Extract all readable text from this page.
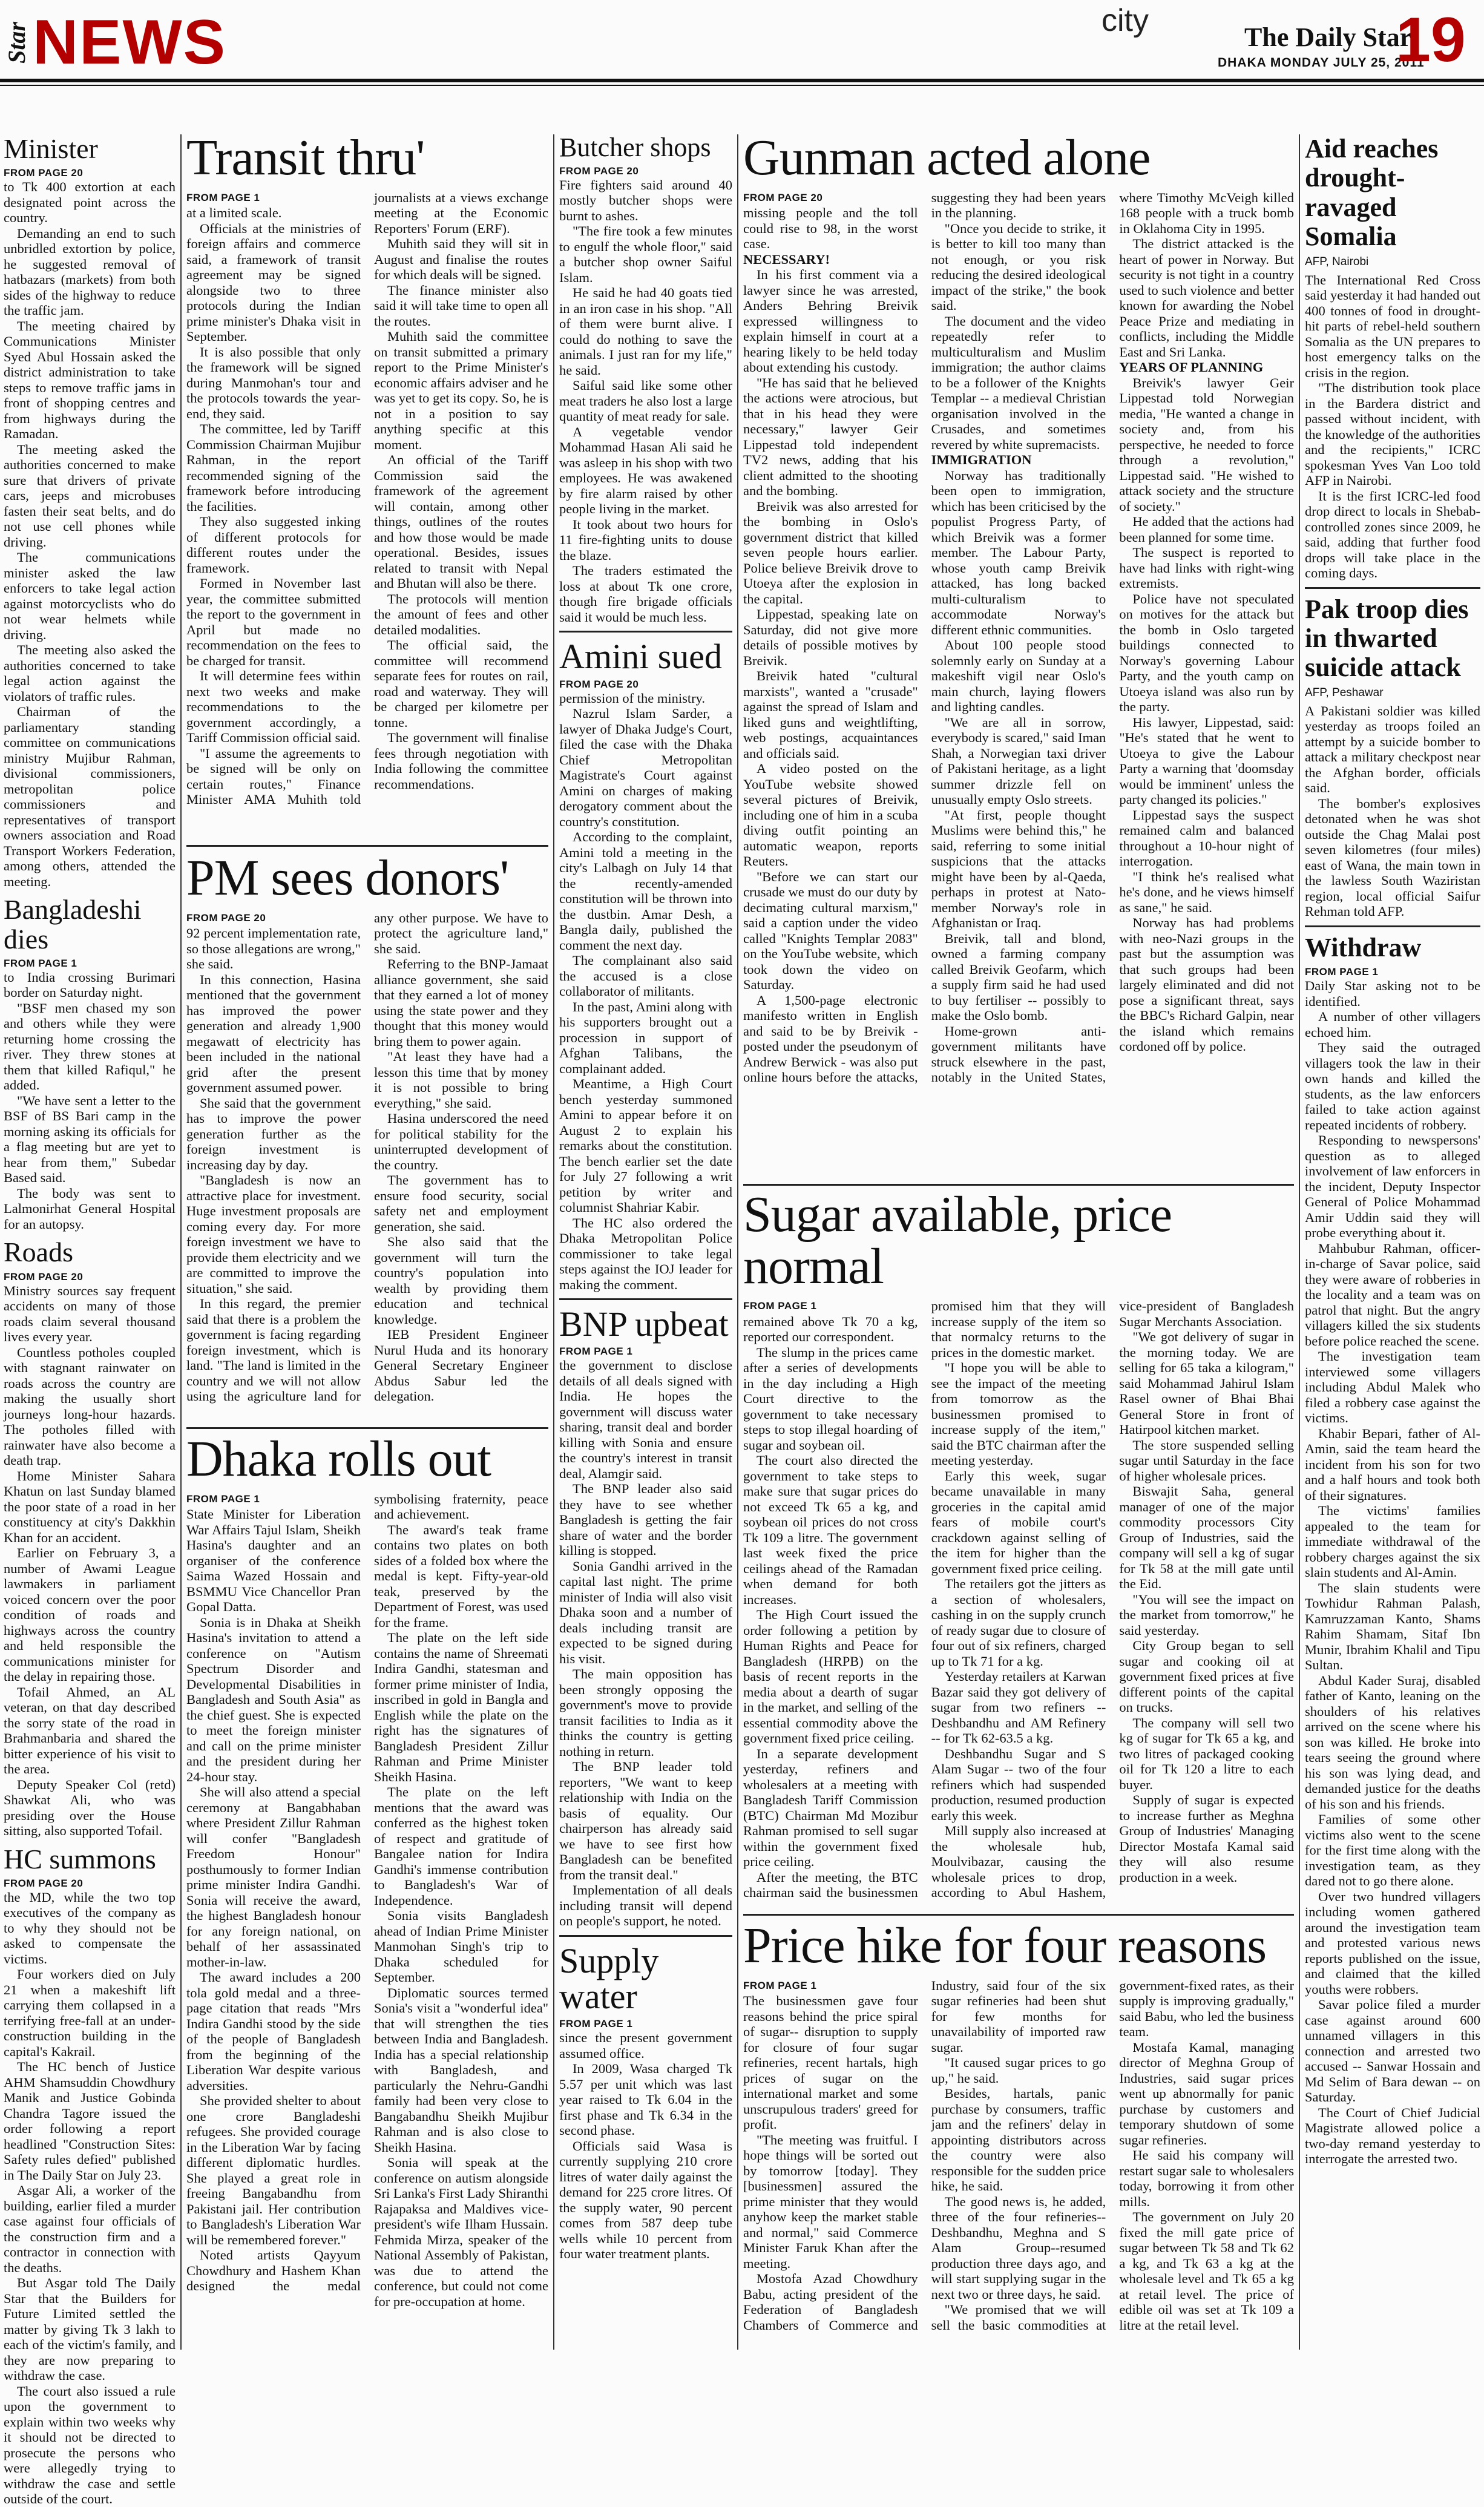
Star NEWS	city	The Daily Star
DHAKA MONDAY JULY 25, 2011
19
Minister
FROM PAGE 20

to Tk 400 extortion at each designated point across the country.

Demanding an end to such unbridled extortion by police, he suggested removal of hatbazars (markets) from both sides of the highway to reduce the traffic jam.

The meeting chaired by Communications Minister Syed Abul Hossain asked the district administration to take steps to remove traffic jams in front of shopping centres and from highways during the Ramadan.

The meeting asked the authorities concerned to make sure that drivers of private cars, jeeps and microbuses fasten their seat belts, and do not use cell phones while driving.

The communications minister asked the law enforcers to take legal action against motorcyclists who do not wear helmets while driving.

The meeting also asked the authorities concerned to take legal action against the violators of traffic rules.

Chairman of the parliamentary standing committee on communications ministry Mujibur Rahman, divisional commissioners, metropolitan police commissioners and representatives of transport owners association and Road Transport Workers Federation, among others, attended the meeting.

Bangladeshi dies
FROM PAGE 1

to India crossing Burimari border on Saturday night.

"BSF men chased my son and others while they were returning home crossing the river. They threw stones at them that killed Rafiqul," he added.

"We have sent a letter to the BSF of BS Bari camp in the morning asking its officials for a flag meeting but are yet to hear from them," Subedar Based said.

The body was sent to Lalmonirhat General Hospital for an autopsy.

Roads
FROM PAGE 20

Ministry sources say frequent accidents on many of those roads claim several thousand lives every year.

Countless potholes coupled with stagnant rainwater on roads across the country are making the usually short journeys long-hour hazards. The potholes filled with rainwater have also become a death trap.

Home Minister Sahara Khatun on last Sunday blamed the poor state of a road in her constituency at city's Dakkhin Khan for an accident.

Earlier on February 3, a number of Awami League lawmakers in parliament voiced concern over the poor condition of roads and highways across the country and held responsible the communications minister for the delay in repairing those.

Tofail Ahmed, an AL veteran, on that day described the sorry state of the road in Brahmanbaria and shared the bitter experience of his visit to the area.

Deputy Speaker Col (retd) Shawkat Ali, who was presiding over the House sitting, also supported Tofail.

HC summons
FROM PAGE 20

the MD, while the two top executives of the company as to why they should not be asked to compensate the victims.

Four workers died on July 21 when a makeshift lift carrying them collapsed in a terrifying free-fall at an under-construction building in the capital's Kakrail.

The HC bench of Justice AHM Shamsuddin Chowdhury Manik and Justice Gobinda Chandra Tagore issued the order following a report headlined "Construction Sites: Safety rules defied" published in The Daily Star on July 23.

Asgar Ali, a worker of the building, earlier filed a murder case against four officials of the construction firm and a contractor in connection with the deaths.

But Asgar told The Daily Star that the Builders for Future Limited settled the matter by giving Tk 3 lakh to each of the victim's family, and they are now preparing to withdraw the case.

The court also issued a rule upon the government to explain within two weeks why it should not be directed to prosecute the persons who were allegedly trying to withdraw the case and settle outside of the court.

Transit thru'
FROM PAGE 1

at a limited scale.

Officials at the ministries of foreign affairs and commerce said, a framework of transit agreement may be signed alongside two to three protocols during the Indian prime minister's Dhaka visit in September.

It is also possible that only the framework will be signed during Manmohan's tour and the protocols towards the year-end, they said.

The committee, led by Tariff Commission Chairman Mujibur Rahman, in the report recommended signing of the framework before introducing the facilities.

They also suggested inking of different protocols for different routes under the framework.

Formed in November last year, the committee submitted the report to the government in April but made no recommendation on the fees to be charged for transit.

It will determine fees within next two weeks and make recommendations to the government accordingly, a Tariff Commission official said.

"I assume the agreements to be signed will be only on certain routes," Finance Minister AMA Muhith told journalists at a views exchange meeting at the Economic Reporters' Forum (ERF).

Muhith said they will sit in August and finalise the routes for which deals will be signed.

The finance minister also said it will take time to open all the routes.

Muhith said the committee on transit submitted a primary report to the Prime Minister's economic affairs adviser and he was yet to get its copy. So, he is not in a position to say anything specific at this moment.

An official of the Tariff Commission said the framework of the agreement will contain, among other things, outlines of the routes and how those would be made operational. Besides, issues related to transit with Nepal and Bhutan will also be there.

The protocols will mention the amount of fees and other detailed modalities.

The official said, the committee will recommend separate fees for routes on rail, road and waterway. They will be charged per kilometre per tonne.

The government will finalise fees through negotiation with India following the committee recommendations.

PM sees donors'
FROM PAGE 20

92 percent implementation rate, so those allegations are wrong," she said.

In this connection, Hasina mentioned that the government has improved the power generation and already 1,900 megawatt of electricity has been included in the national grid after the present government assumed power.

She said that the government has to improve the power generation further as the foreign investment is increasing day by day.

"Bangladesh is now an attractive place for investment. Huge investment proposals are coming every day. For more foreign investment we have to provide them electricity and we are committed to improve the situation," she said.

In this regard, the premier said that there is a problem the government is facing regarding foreign investment, which is land. "The land is limited in the country and we will not allow using the agriculture land for any other purpose. We have to protect the agriculture land," she said.

Referring to the BNP-Jamaat alliance government, she said that they earned a lot of money using the state power and they thought that this money would bring them to power again.

"At least they have had a lesson this time that by money it is not possible to bring everything," she said.

Hasina underscored the need for political stability for the uninterrupted development of the country.

The government has to ensure food security, social safety net and employment generation, she said.

She also said that the government will turn the country's population into wealth by providing them education and technical knowledge.

IEB President Engineer Nurul Huda and its honorary General Secretary Engineer Abdus Sabur led the delegation.

Dhaka rolls out
FROM PAGE 1

State Minister for Liberation War Affairs Tajul Islam, Sheikh Hasina's daughter and an organiser of the conference Saima Wazed Hossain and BSMMU Vice Chancellor Pran Gopal Datta.

Sonia is in Dhaka at Sheikh Hasina's invitation to attend a conference on "Autism Spectrum Disorder and Developmental Disabilities in Bangladesh and South Asia" as the chief guest. She is expected to meet the foreign minister and call on the prime minister and the president during her 24-hour stay.

She will also attend a special ceremony at Bangabhaban where President Zillur Rahman will confer "Bangladesh Freedom Honour" posthumously to former Indian prime minister Indira Gandhi. Sonia will receive the award, the highest Bangladesh honour for any foreign national, on behalf of her assassinated mother-in-law.

The award includes a 200 tola gold medal and a three-page citation that reads "Mrs Indira Gandhi stood by the side of the people of Bangladesh from the beginning of the Liberation War despite various adversities.

She provided shelter to about one crore Bangladeshi refugees. She provided courage in the Liberation War by facing different diplomatic hurdles. She played a great role in freeing Bangabandhu from Pakistani jail. Her contribution to Bangladesh's Liberation War will be remembered forever."

Noted artists Qayyum Chowdhury and Hashem Khan designed the medal symbolising fraternity, peace and achievement.

The award's teak frame contains two plates on both sides of a folded box where the medal is kept. Fifty-year-old teak, preserved by the Department of Forest, was used for the frame.

The plate on the left side contains the name of Shreemati Indira Gandhi, statesman and former prime minister of India, inscribed in gold in Bangla and English while the plate on the right has the signatures of Bangladesh President Zillur Rahman and Prime Minister Sheikh Hasina.

The plate on the left mentions that the award was conferred as the highest token of respect and gratitude of Bangalee nation for Indira Gandhi's immense contribution to Bangladesh's War of Independence.

Sonia visits Bangladesh ahead of Indian Prime Minister Manmohan Singh's trip to Dhaka scheduled for September.

Diplomatic sources termed Sonia's visit a "wonderful idea" that will strengthen the ties between India and Bangladesh. India has a special relationship with Bangladesh, and particularly the Nehru-Gandhi family had been very close to Bangabandhu Sheikh Mujibur Rahman and is also close to Sheikh Hasina.

Sonia will speak at the conference on autism alongside Sri Lanka's First Lady Shiranthi Rajapaksa and Maldives vice-president's wife Ilham Hussain. Fehmida Mirza, speaker of the National Assembly of Pakistan, was due to attend the conference, but could not come for pre-occupation at home.

Butcher shops
FROM PAGE 20

Fire fighters said around 40 mostly butcher shops were burnt to ashes.

"The fire took a few minutes to engulf the whole floor," said a butcher shop owner Saiful Islam.

He said he had 40 goats tied in an iron case in his shop. "All of them were burnt alive. I could do nothing to save the animals. I just ran for my life," he said.

Saiful said like some other meat traders he also lost a large quantity of meat ready for sale.

A vegetable vendor Mohammad Hasan Ali said he was asleep in his shop with two employees. He was awakened by fire alarm raised by other people living in the market.

It took about two hours for 11 fire-fighting units to douse the blaze.

The traders estimated the loss at about Tk one crore, though fire brigade officials said it would be much less.

Amini sued
FROM PAGE 20

permission of the ministry.

Nazrul Islam Sarder, a lawyer of Dhaka Judge's Court, filed the case with the Dhaka Chief Metropolitan Magistrate's Court against Amini on charges of making derogatory comment about the country's constitution.

According to the complaint, Amini told a meeting in the city's Lalbagh on July 14 that the recently-amended constitution will be thrown into the dustbin. Amar Desh, a Bangla daily, published the comment the next day.

The complainant also said the accused is a close collaborator of militants.

In the past, Amini along with his supporters brought out a procession in support of Afghan Talibans, the complainant added.

Meantime, a High Court bench yesterday summoned Amini to appear before it on August 2 to explain his remarks about the constitution. The bench earlier set the date for July 27 following a writ petition by writer and columnist Shahriar Kabir.

The HC also ordered the Dhaka Metropolitan Police commissioner to take legal steps against the IOJ leader for making the comment.

BNP upbeat
FROM PAGE 1

the government to disclose details of all deals signed with India. He hopes the government will discuss water sharing, transit deal and border killing with Sonia and ensure the country's interest in transit deal, Alamgir said.

The BNP leader also said they have to see whether Bangladesh is getting the fair share of water and the border killing is stopped.

Sonia Gandhi arrived in the capital last night. The prime minister of India will also visit Dhaka soon and a number of deals including transit are expected to be signed during his visit.

The main opposition has been strongly opposing the government's move to provide transit facilities to India as it thinks the country is getting nothing in return.

The BNP leader told reporters, "We want to keep relationship with India on the basis of equality. Our chairperson has already said we have to see first how Bangladesh can be benefited from the transit deal."

Implementation of all deals including transit will depend on people's support, he noted.

Supply water
FROM PAGE 1

since the present government assumed office.

In 2009, Wasa charged Tk 5.57 per unit which was last year raised to Tk 6.04 in the first phase and Tk 6.34 in the second phase.

Officials said Wasa is currently supplying 210 crore litres of water daily against the demand for 225 crore litres. Of the supply water, 90 percent comes from 587 deep tube wells while 10 percent from four water treatment plants.

Gunman acted alone
FROM PAGE 20

missing people and the toll could rise to 98, in the worst case.

NECESSARY!

In his first comment via a lawyer since he was arrested, Anders Behring Breivik expressed willingness to explain himself in court at a hearing likely to be held today about extending his custody.

"He has said that he believed the actions were atrocious, but that in his head they were necessary," lawyer Geir Lippestad told independent TV2 news, adding that his client admitted to the shooting and the bombing.

Breivik was also arrested for the bombing in Oslo's government district that killed seven people hours earlier. Police believe Breivik drove to Utoeya after the explosion in the capital.

Lippestad, speaking late on Saturday, did not give more details of possible motives by Breivik.

Breivik hated "cultural marxists", wanted a "crusade" against the spread of Islam and liked guns and weightlifting, web postings, acquaintances and officials said.

A video posted on the YouTube website showed several pictures of Breivik, including one of him in a scuba diving outfit pointing an automatic weapon, reports Reuters.

"Before we can start our crusade we must do our duty by decimating cultural marxism," said a caption under the video called "Knights Templar 2083" on the YouTube website, which took down the video on Saturday.

A 1,500-page electronic manifesto written in English and said to be by Breivik - posted under the pseudonym of Andrew Berwick - was also put online hours before the attacks, suggesting they had been years in the planning.

"Once you decide to strike, it is better to kill too many than not enough, or you risk reducing the desired ideological impact of the strike," the book said.

The document and the video repeatedly refer to multiculturalism and Muslim immigration; the author claims to be a follower of the Knights Templar -- a medieval Christian organisation involved in the Crusades, and sometimes revered by white supremacists.

IMMIGRATION

Norway has traditionally been open to immigration, which has been criticised by the populist Progress Party, of which Breivik was a former member. The Labour Party, whose youth camp Breivik attacked, has long backed multi-culturalism to accommodate Norway's different ethnic communities.

About 100 people stood solemnly early on Sunday at a makeshift vigil near Oslo's main church, laying flowers and lighting candles.

"We are all in sorrow, everybody is scared," said Iman Shah, a Norwegian taxi driver of Pakistani heritage, as a light summer drizzle fell on unusually empty Oslo streets.

"At first, people thought Muslims were behind this," he said, referring to some initial suspicions that the attacks might have been by al-Qaeda, perhaps in protest at Nato-member Norway's role in Afghanistan or Iraq.

Breivik, tall and blond, owned a farming company called Breivik Geofarm, which a supply firm said he had used to buy fertiliser -- possibly to make the Oslo bomb.

Home-grown anti-government militants have struck elsewhere in the past, notably in the United States, where Timothy McVeigh killed 168 people with a truck bomb in Oklahoma City in 1995.

The district attacked is the heart of power in Norway. But security is not tight in a country used to such violence and better known for awarding the Nobel Peace Prize and mediating in conflicts, including the Middle East and Sri Lanka.

YEARS OF PLANNING

Breivik's lawyer Geir Lippestad told Norwegian media, "He wanted a change in society and, from his perspective, he needed to force through a revolution," Lippestad said. "He wished to attack society and the structure of society."

He added that the actions had been planned for some time.

The suspect is reported to have had links with right-wing extremists.

Police have not speculated on motives for the attack but the bomb in Oslo targeted buildings connected to Norway's governing Labour Party, and the youth camp on Utoeya island was also run by the party.

His lawyer, Lippestad, said: "He's stated that he went to Utoeya to give the Labour Party a warning that 'doomsday would be imminent' unless the party changed its policies."

Lippestad says the suspect remained calm and balanced throughout a 10-hour night of interrogation.

"I think he's realised what he's done, and he views himself as sane," he said.

Norway has had problems with neo-Nazi groups in the past but the assumption was that such groups had been largely eliminated and did not pose a significant threat, says the BBC's Richard Galpin, near the island which remains cordoned off by police.

Sugar available, price normal
FROM PAGE 1

remained above Tk 70 a kg, reported our correspondent.

The slump in the prices came after a series of developments in the day including a High Court directive to the government to take necessary steps to stop illegal hoarding of sugar and soybean oil.

The court also directed the government to take steps to make sure that sugar prices do not exceed Tk 65 a kg, and soybean oil prices do not cross Tk 109 a litre. The government last week fixed the price ceilings ahead of the Ramadan when demand for both increases.

The High Court issued the order following a petition by Human Rights and Peace for Bangladesh (HRPB) on the basis of recent reports in the media about a dearth of sugar in the market, and selling of the essential commodity above the government fixed price ceiling.

In a separate development yesterday, refiners and wholesalers at a meeting with Bangladesh Tariff Commission (BTC) Chairman Md Mozibur Rahman promised to sell sugar within the government fixed price ceiling.

After the meeting, the BTC chairman said the businessmen promised him that they will increase supply of the item so that normalcy returns to the prices in the domestic market.

"I hope you will be able to see the impact of the meeting from tomorrow as the businessmen promised to increase supply of the item," said the BTC chairman after the meeting yesterday.

Early this week, sugar became unavailable in many groceries in the capital amid fears of mobile court's crackdown against selling of the item for higher than the government fixed price ceiling.

The retailers got the jitters as a section of wholesalers, cashing in on the supply crunch of ready sugar due to closure of four out of six refiners, charged up to Tk 71 for a kg.

Yesterday retailers at Karwan Bazar said they got delivery of sugar from two refiners --Deshbandhu and AM Refinery -- for Tk 62-63.5 a kg.

Deshbandhu Sugar and S Alam Sugar -- two of the four refiners which had suspended production, resumed production early this week.

Mill supply also increased at the wholesale hub, Moulvibazar, causing the wholesale prices to drop, according to Abul Hashem, vice-president of Bangladesh Sugar Merchants Association.

"We got delivery of sugar in the morning today. We are selling for 65 taka a kilogram," said Mohammad Jahirul Islam Rasel owner of Bhai Bhai General Store in front of Hatirpool kitchen market.

The store suspended selling sugar until Saturday in the face of higher wholesale prices.

Biswajit Saha, general manager of one of the major commodity processors City Group of Industries, said the company will sell a kg of sugar for Tk 58 at the mill gate until the Eid.

"You will see the impact on the market from tomorrow," he said yesterday.

City Group began to sell sugar and cooking oil at government fixed prices at five different points of the capital on trucks.

The company will sell two kg of sugar for Tk 65 a kg, and two litres of packaged cooking oil for Tk 120 a litre to each buyer.

Supply of sugar is expected to increase further as Meghna Group of Industries' Managing Director Mostafa Kamal said they will also resume production in a week.

Price hike for four reasons
FROM PAGE 1

The businessmen gave four reasons behind the price spiral of sugar-- disruption to supply for closure of four sugar refineries, recent hartals, high prices of sugar on the international market and some unscrupulous traders' greed for profit.

"The meeting was fruitful. I hope things will be sorted out by tomorrow [today]. They [businessmen] assured the prime minister that they would anyhow keep the market stable and normal," said Commerce Minister Faruk Khan after the meeting.

Mostofa Azad Chowdhury Babu, acting president of the Federation of Bangladesh Chambers of Commerce and Industry, said four of the six sugar refineries had been shut for few months for unavailability of imported raw sugar.

"It caused sugar prices to go up," he said.

Besides, hartals, panic purchase by consumers, traffic jam and the refiners' delay in appointing distributors across the country were also responsible for the sudden price hike, he said.

The good news is, he added, three of the four refineries--Deshbandhu, Meghna and S Alam Group--resumed production three days ago, and will start supplying sugar in the next two or three days, he said.

"We promised that we will sell the basic commodities at government-fixed rates, as their supply is improving gradually," said Babu, who led the business team.

Mostafa Kamal, managing director of Meghna Group of Industries, said sugar prices went up abnormally for panic purchase by customers and temporary shutdown of some sugar refineries.

He said his company will restart sugar sale to wholesalers today, borrowing it from other mills.

The government on July 20 fixed the mill gate price of sugar between Tk 58 and Tk 62 a kg, and Tk 63 a kg at the wholesale level and Tk 65 a kg at retail level. The price of edible oil was set at Tk 109 a litre at the retail level.

Aid reaches drought-ravaged Somalia
AFP, Nairobi

The International Red Cross said yesterday it had handed out 400 tonnes of food in drought-hit parts of rebel-held southern Somalia as the UN prepares to host emergency talks on the crisis in the region.

"The distribution took place in the Bardera district and passed without incident, with the knowledge of the authorities and the recipients," ICRC spokesman Yves Van Loo told AFP in Nairobi.

It is the first ICRC-led food drop direct to locals in Shebab-controlled zones since 2009, he said, adding that further food drops will take place in the coming days.

Pak troop dies in thwarted suicide attack
AFP, Peshawar

A Pakistani soldier was killed yesterday as troops foiled an attempt by a suicide bomber to attack a military checkpost near the Afghan border, officials said.

The bomber's explosives detonated when he was shot outside the Chag Malai post seven kilometres (four miles) east of Wana, the main town in the lawless South Waziristan region, local official Saifur Rehman told AFP.

Withdraw
FROM PAGE 1

Daily Star asking not to be identified.

A number of other villagers echoed him.

They said the outraged villagers took the law in their own hands and killed the students, as the law enforcers failed to take action against repeated incidents of robbery.

Responding to newspersons' question as to alleged involvement of law enforcers in the incident, Deputy Inspector General of Police Mohammad Amir Uddin said they will probe everything about it.

Mahbubur Rahman, officer-in-charge of Savar police, said they were aware of robberies in the locality and a team was on patrol that night. But the angry villagers killed the six students before police reached the scene.

The investigation team interviewed some villagers including Abdul Malek who filed a robbery case against the victims.

Khabir Bepari, father of Al-Amin, said the team heard the incident from his son for two and a half hours and took both of their signatures.

The victims' families appealed to the team for immediate withdrawal of the robbery charges against the six slain students and Al-Amin.

The slain students were Towhidur Rahman Palash, Kamruzzaman Kanto, Shams Rahim Shamam, Sitaf Ibn Munir, Ibrahim Khalil and Tipu Sultan.

Abdul Kader Suraj, disabled father of Kanto, leaning on the shoulders of his relatives arrived on the scene where his son was killed. He broke into tears seeing the ground where his son was lying dead, and demanded justice for the deaths of his son and his friends.

Families of some other victims also went to the scene for the first time along with the investigation team, as they dared not to go there alone.

Over two hundred villagers including women gathered around the investigation team and protested various news reports published on the issue, and claimed that the killed youths were robbers.

Savar police filed a murder case against around 600 unnamed villagers in this connection and arrested two accused -- Sanwar Hossain and Md Selim of Bara dewan -- on Saturday.

The Court of Chief Judicial Magistrate allowed police a two-day remand yesterday to interrogate the arrested two.
